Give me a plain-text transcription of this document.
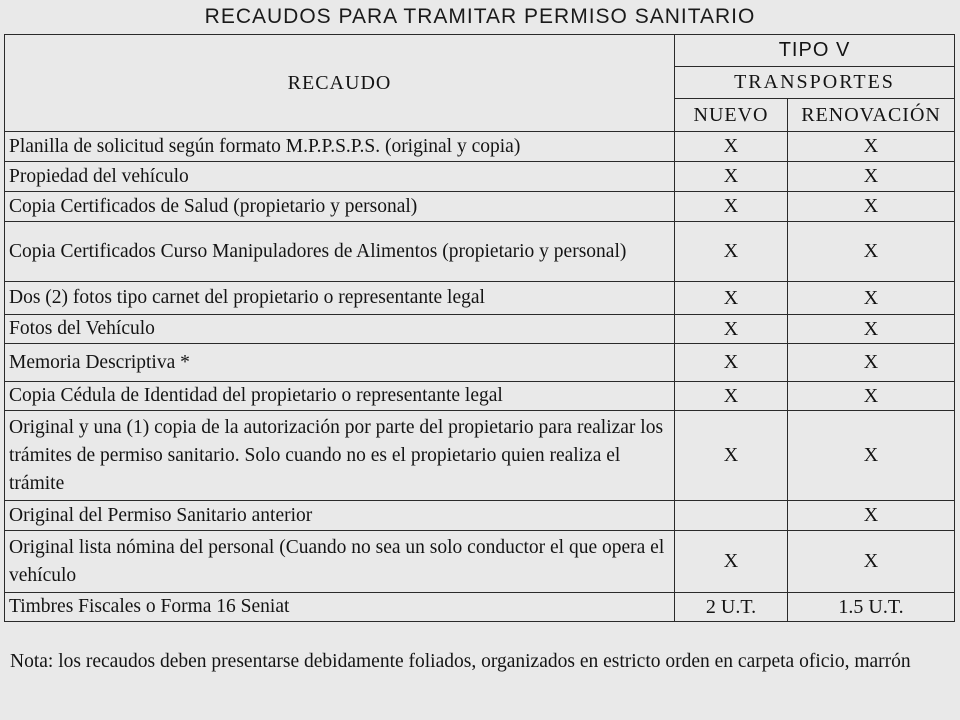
RECAUDOS PARA TRAMITAR PERMISO SANITARIO
RECAUDO	TIPO V	
	TRANSPORTES	
	NUEVO	RENOVACIÓN
Planilla de solicitud según formato M.P.P.S.P.S. (original y copia)	X	X
Propiedad del vehículo	X	X
Copia Certificados de Salud (propietario y personal)	X	X
Copia Certificados Curso Manipuladores de Alimentos (propietario y personal)	X	X
Dos (2) fotos tipo carnet del propietario o representante legal	X	X
Fotos del Vehículo	X	X
Memoria Descriptiva *	X	X
Copia Cédula de Identidad del propietario o representante legal	X	X
Original y una (1) copia de la autorización por parte del propietario para realizar los trámites de permiso sanitario. Solo cuando no es el propietario quien realiza el trámite	X	X
Original del Permiso Sanitario anterior		X
Original lista nómina del personal (Cuando no sea un solo conductor el que opera el vehículo	X	X
Timbres Fiscales o Forma 16 Seniat	2 U.T.	1.5 U.T.
Nota: los recaudos deben presentarse debidamente foliados, organizados en estricto orden en carpeta oficio, marrón
